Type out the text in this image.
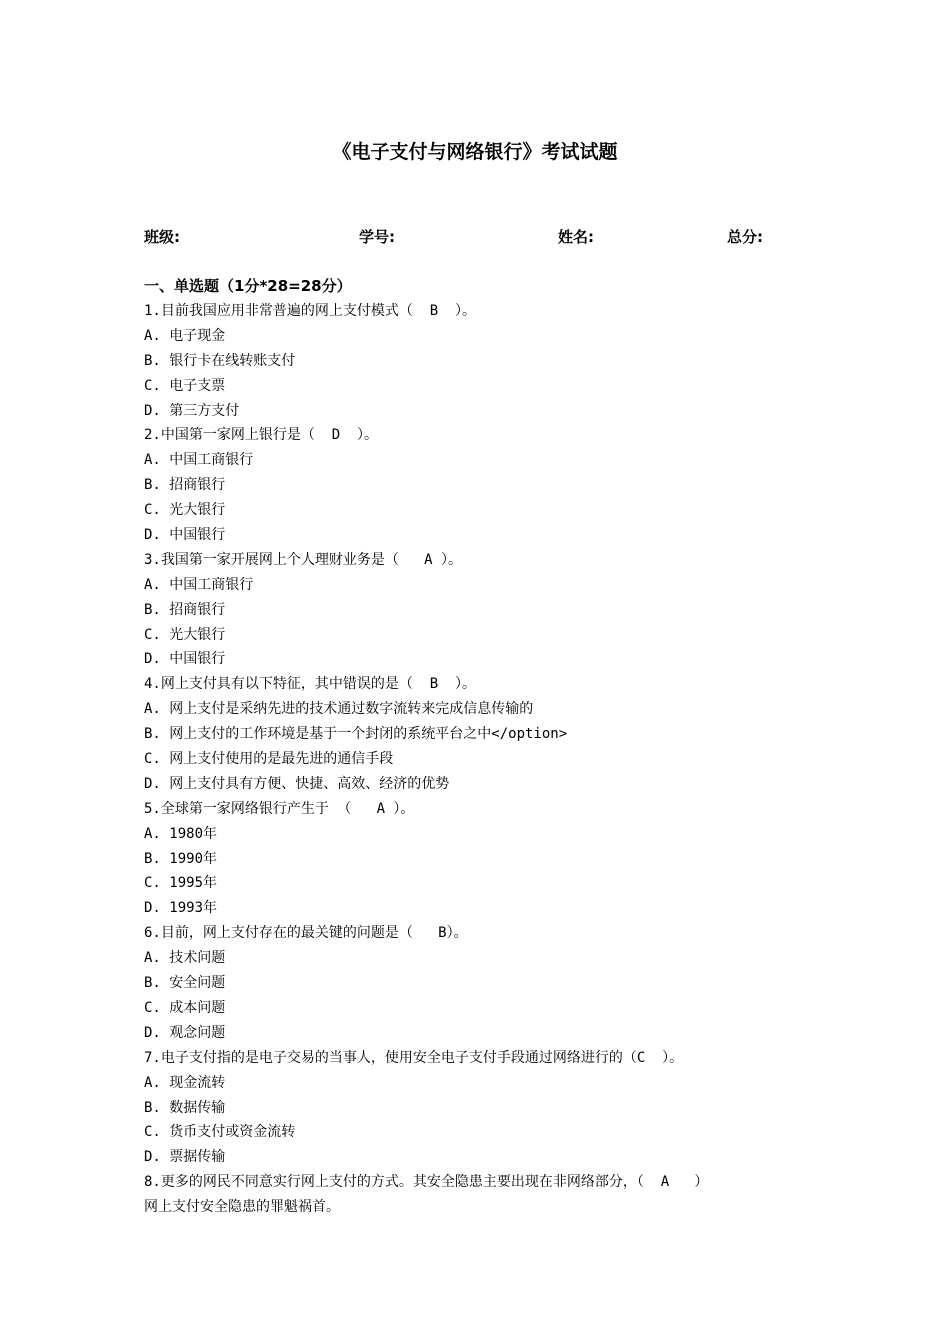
《电子支付与网络银行》考试试题
班级:	学号:	姓名:	总分:
一、单选题（1分*28=28分）

1.目前我国应用非常普遍的网上支付模式（  B  ）。

A. 电子现金

B. 银行卡在线转账支付

C. 电子支票

D. 第三方支付

2.中国第一家网上银行是（  D  ）。

A. 中国工商银行

B. 招商银行

C. 光大银行

D. 中国银行

3.我国第一家开展网上个人理财业务是（   A ）。

A. 中国工商银行

B. 招商银行

C. 光大银行

D. 中国银行

4.网上支付具有以下特征，其中错误的是（  B  ）。

A. 网上支付是采纳先进的技术通过数字流转来完成信息传输的

B. 网上支付的工作环境是基于一个封闭的系统平台之中</option>

C. 网上支付使用的是最先进的通信手段

D. 网上支付具有方便、快捷、高效、经济的优势

5.全球第一家网络银行产生于 （   A ）。

A. 1980年

B. 1990年

C. 1995年

D. 1993年

6.目前，网上支付存在的最关键的问题是（   B）。

A. 技术问题

B. 安全问题

C. 成本问题

D. 观念问题

7.电子支付指的是电子交易的当事人，使用安全电子支付手段通过网络进行的（C  ）。

A. 现金流转

B. 数据传输

C. 货币支付或资金流转

D. 票据传输

8.更多的网民不同意实行网上支付的方式。其安全隐患主要出现在非网络部分，（  A   ）

网上支付安全隐患的罪魁祸首。
